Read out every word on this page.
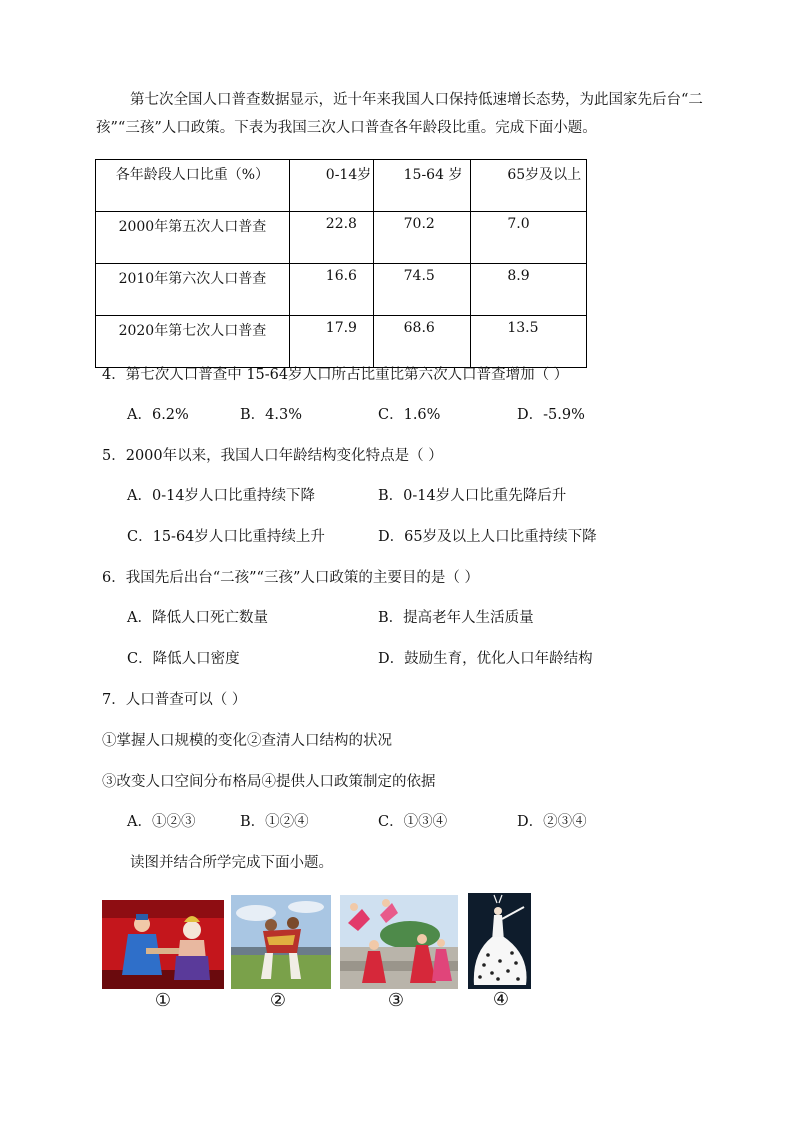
第七次全国人口普查数据显示，近十年来我国人口保持低速增长态势，为此国家先后台“二
孩”“三孩”人口政策。下表为我国三次人口普查各年龄段比重。完成下面小题。
各年龄段人口比重（%）	0-14岁	15-64 岁	65岁及以上
2000年第五次人口普查	22.8	70.2	7.0
2010年第六次人口普查	16.6	74.5	8.9
2020年第七次人口普查	17.9	68.6	13.5
4．第七次人口普查中 15-64岁人口所占比重比第六次人口普查增加（ ）
A．6.2%	B．4.3%	C．1.6%	D．-5.9%
5．2000年以来，我国人口年龄结构变化特点是（ ）
A．0-14岁人口比重持续下降	B．0-14岁人口比重先降后升
C．15-64岁人口比重持续上升	D．65岁及以上人口比重持续下降
6．我国先后出台“二孩”“三孩”人口政策的主要目的是（ ）
A．降低人口死亡数量	B．提高老年人生活质量
C．降低人口密度	D．鼓励生育，优化人口年龄结构
7．人口普查可以（ ）
①掌握人口规模的变化②查清人口结构的状况
③改变人口空间分布格局④提供人口政策制定的依据
A．①②③	B．①②④	C．①③④	D．②③④
读图并结合所学完成下面小题。
①	②	③	④
